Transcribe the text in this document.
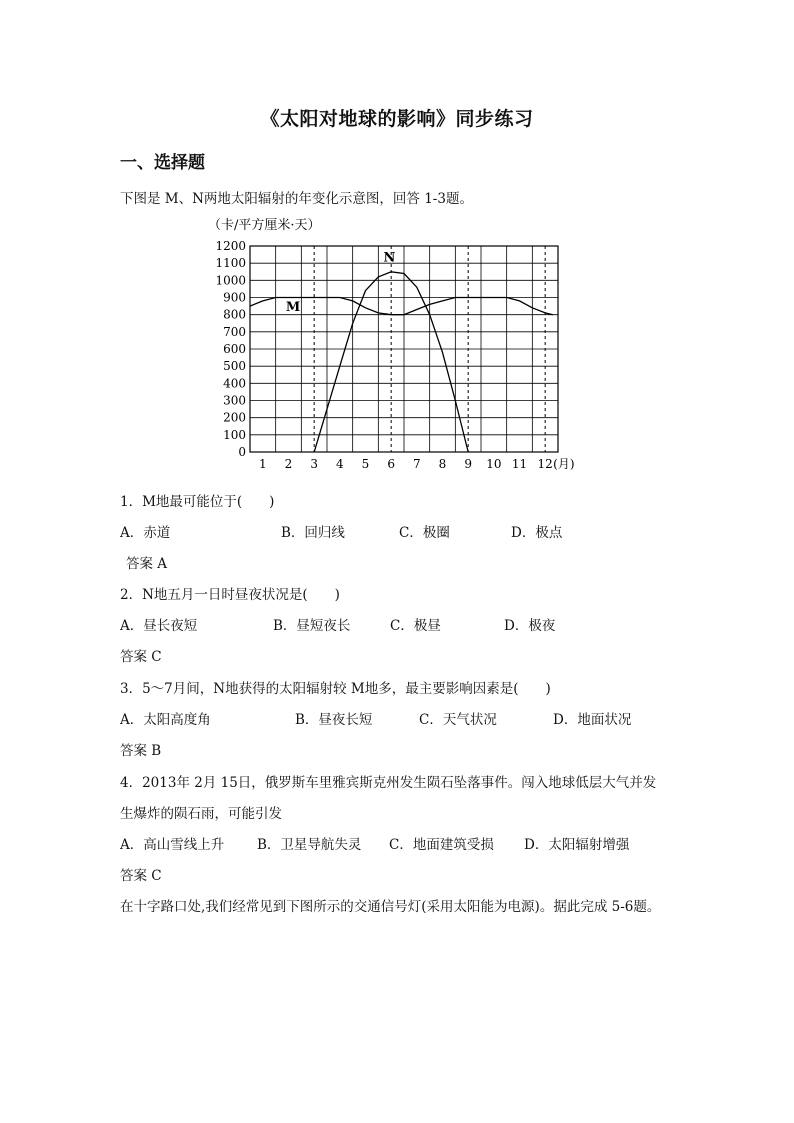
《太阳对地球的影响》同步练习
一、选择题
下图是 M、N两地太阳辐射的年变化示意图，回答 1-3题。
（卡/平方厘米·天）
0
100
200
300
400
500
600
700
800
900
1000
1100
1200
1 2 3 4 5 6 7 8 9 10 11 12 (月)
M
N
1．M地最可能位于(　　)
A．赤道	B．回归线	C．极圈	D．极点
答案 A
2．N地五月一日时昼夜状况是(　　)
A．昼长夜短	B．昼短夜长	C．极昼	D．极夜
答案 C
3．5～7月间，N地获得的太阳辐射较 M地多，最主要影响因素是(　　)
A．太阳高度角	B．昼夜长短	C．天气状况	D．地面状况
答案 B
4．2013年 2月 15日，俄罗斯车里雅宾斯克州发生陨石坠落事件。闯入地球低层大气并发
生爆炸的陨石雨，可能引发
A．高山雪线上升 B．卫星导航失灵 C．地面建筑受损 D．太阳辐射增强
答案 C
在十字路口处,我们经常见到下图所示的交通信号灯(采用太阳能为电源)。据此完成 5-6题。
